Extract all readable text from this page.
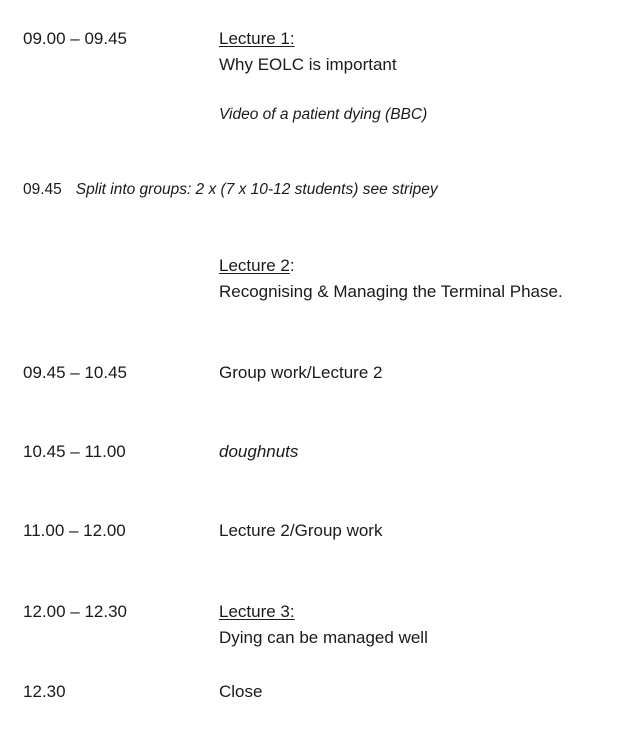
09.00 – 09.45	Lecture 1:
Why EOLC is important
Video of a patient dying (BBC)
09.45 Split into groups: 2 x (7 x 10-12 students) see stripey
Lecture 2:
Recognising & Managing the Terminal Phase.
09.45 – 10.45	Group work/Lecture 2
10.45 – 11.00	doughnuts
11.00 – 12.00	Lecture 2/Group work
12.00 – 12.30	Lecture 3:
Dying can be managed well
12.30	Close
